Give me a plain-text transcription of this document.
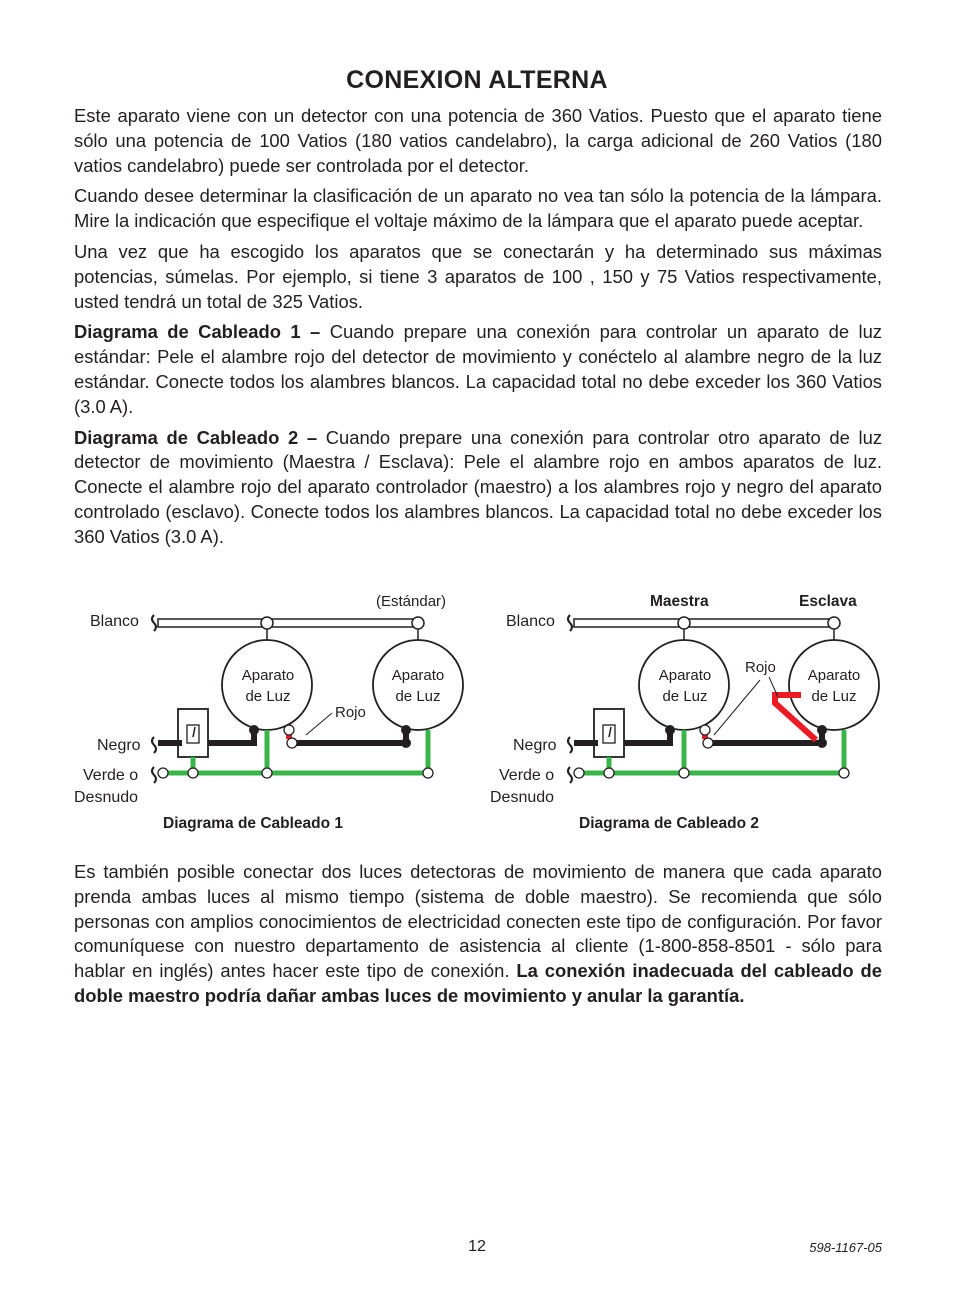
CONEXION ALTERNA

Este aparato viene con un detector con una potencia de 360 Vatios. Puesto que el aparato tiene sólo una potencia de 100 Vatios (180 vatios candelabro), la carga adicional de 260 Vatios (180 vatios candelabro) puede ser controlada por el detector.

Cuando desee determinar la clasificación de un aparato no vea tan sólo la potencia de la lámpara. Mire la indicación que especifique el voltaje máximo de la lámpara que el aparato puede aceptar.

Una vez que ha escogido los aparatos que se conectarán y ha determinado sus máximas potencias, súmelas. Por ejemplo, si tiene 3 aparatos de 100 , 150 y 75 Vatios respectivamente, usted tendrá un total de 325 Vatios.

Diagrama de Cableado 1 – Cuando prepare una conexión para controlar un aparato de luz estándar: Pele el alambre rojo del detector de movimiento y conéctelo al alambre negro de la luz estándar. Conecte todos los alambres blancos. La capacidad total no debe exceder los 360 Vatios (3.0 A).

Diagrama de Cableado 2 – Cuando prepare una conexión para controlar otro aparato de luz detector de movimiento (Maestra / Esclava): Pele el alambre rojo en ambos aparatos de luz. Conecte el alambre rojo del aparato controlador (maestro) a los alambres rojo y negro del aparato controlado (esclavo). Conecte todos los alambres blancos. La capacidad total no debe exceder los 360 Vatios (3.0 A).

Blanco
Negro
Verde o
Desnudo
(Estándar)
Aparato
de Luz
Aparato
de Luz
Rojo
Diagrama de Cableado 1
Blanco
Negro
Verde o
Desnudo
Maestra	Esclava
Aparato
de Luz
Aparato
de Luz
Rojo
Diagrama de Cableado 2
Es también posible conectar dos luces detectoras de movimiento de manera que cada aparato prenda ambas luces al mismo tiempo (sistema de doble maestro). Se recomienda que sólo personas con amplios conocimientos de electricidad conecten este tipo de configuración. Por favor comuníquese con nuestro departamento de asistencia al cliente (1-800-858-8501 - sólo para hablar en inglés) antes hacer este tipo de conexión. La conexión inadecuada del cableado de doble maestro podría dañar ambas luces de movimiento y anular la garantía.
12	598-1167-05
